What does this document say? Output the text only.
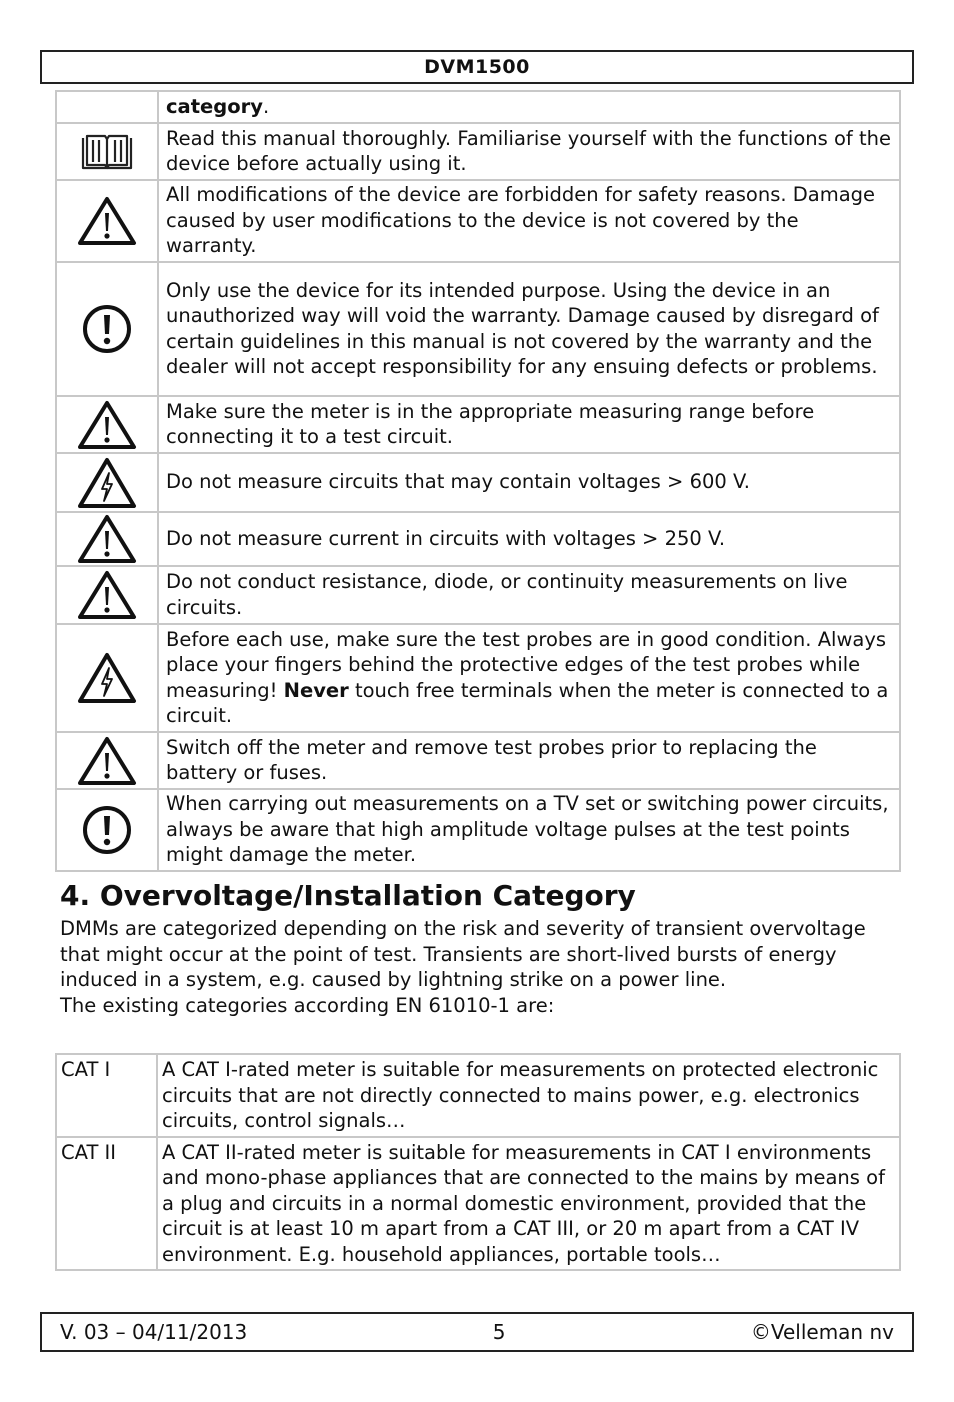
DVM1500
	category.

	Read this manual thoroughly. Familiarise yourself with the functions of the device before actually using it.

	All modifications of the device are forbidden for safety reasons. Damage caused by user modifications to the device is not covered by the warranty.

	Only use the device for its intended purpose. Using the device in an unauthorized way will void the warranty. Damage caused by disregard of certain guidelines in this manual is not covered by the warranty and the dealer will not accept responsibility for any ensuing defects or problems.

	Make sure the meter is in the appropriate measuring range before connecting it to a test circuit.

	Do not measure circuits that may contain voltages > 600 V.

	Do not measure current in circuits with voltages > 250 V.

	Do not conduct resistance, diode, or continuity measurements on live circuits.

	Before each use, make sure the test probes are in good condition. Always place your fingers behind the protective edges of the test probes while measuring! Never touch free terminals when the meter is connected to a circuit.

	Switch off the meter and remove test probes prior to replacing the battery or fuses.

	When carrying out measurements on a TV set or switching power circuits, always be aware that high amplitude voltage pulses at the test points might damage the meter.
4. Overvoltage/Installation Category

DMMs are categorized depending on the risk and severity of transient overvoltage that might occur at the point of test. Transients are short-lived bursts of energy induced in a system, e.g. caused by lightning strike on a power line.

The existing categories according EN 61010-1 are:

CAT I	A CAT I-rated meter is suitable for measurements on protected electronic circuits that are not directly connected to mains power, e.g. electronics circuits, control signals…
CAT II	A CAT II-rated meter is suitable for measurements in CAT I environments and mono-phase appliances that are connected to the mains by means of a plug and circuits in a normal domestic environment, provided that the circuit is at least 10 m apart from a CAT III, or 20 m apart from a CAT IV environment. E.g. household appliances, portable tools…
V. 03 – 04/11/2013	5	©Velleman nv
